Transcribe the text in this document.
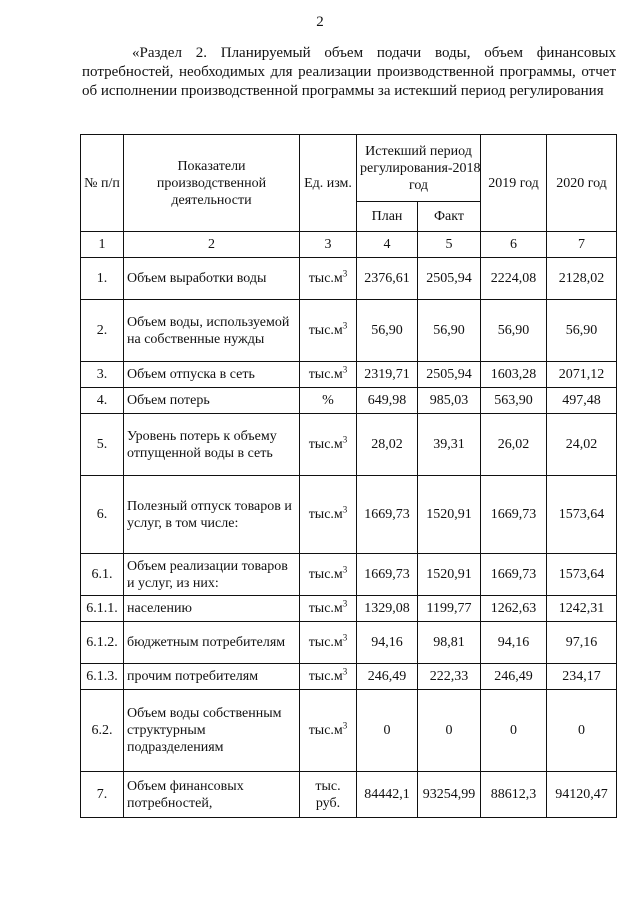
2
«Раздел 2. Планируемый объем подачи воды, объем финансовых потребностей, необходимых для реализации производственной программы, отчет об исполнении производственной программы за истекший период регулирования
№ п/п	Показатели производственной деятельности	Ед. изм.	Истекший период регулирования-2018 год		2019 год	2020 год
			План	Факт		
1	2	3	4	5	6	7
1.	Объем выработки воды	$тыс.м^3$	2376,61	2505,94	2224,08	2128,02
2.	Объем воды, используемой на собственные нужды	$тыс.м^3$	56,90	56,90	56,90	56,90
3.	Объем отпуска в сеть	$тыс.м^3$	2319,71	2505,94	1603,28	2071,12
4.	Объем потерь	%	649,98	985,03	563,90	497,48
5.	Уровень потерь к объему отпущенной воды в сеть	$тыс.м^3$	28,02	39,31	26,02	24,02
6.	Полезный отпуск товаров и услуг, в том числе:	$тыс.м^3$	1669,73	1520,91	1669,73	1573,64
6.1.	Объем реализации товаров и услуг, из них:	$тыс.м^3$	1669,73	1520,91	1669,73	1573,64
6.1.1.	населению	$тыс.м^3$	1329,08	1199,77	1262,63	1242,31
6.1.2.	бюджетным потребителям	$тыс.м^3$	94,16	98,81	94,16	97,16
6.1.3.	прочим потребителям	$тыс.м^3$	246,49	222,33	246,49	234,17
6.2.	Объем воды собственным структурным подразделениям	$тыс.м^3$	0	0	0	0
7.	Объем финансовых потребностей,	тыс. руб.	84442,1	93254,99	88612,3	94120,47
